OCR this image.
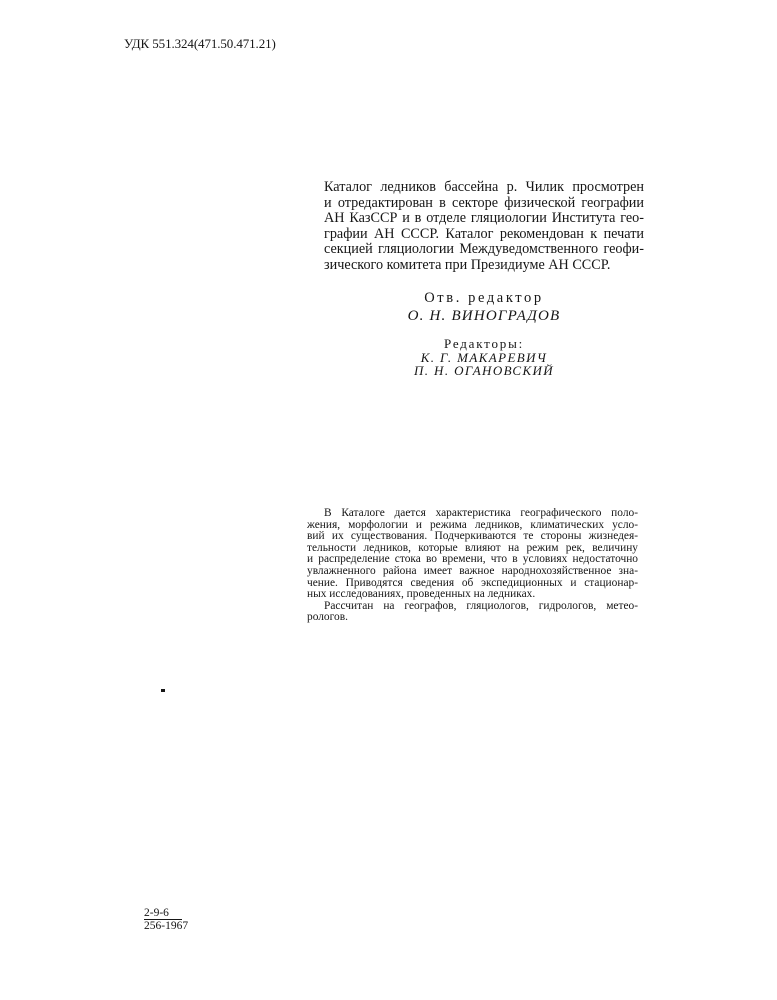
УДК 551.324(471.50.471.21)
Каталог ледников бассейна р. Чилик просмотрен
и отредактирован в секторе физической географии
АН КазССР и в отделе гляциологии Института гео-
графии АН СССР. Каталог рекомендован к печати
секцией гляциологии Междуведомственного геофи-
зического комитета при Президиуме АН СССР.
Отв. редактор
О. Н. ВИНОГРАДОВ
Редакторы:
К. Г. МАКАРЕВИЧ
П. Н. ОГАНОВСКИЙ
В Каталоге дается характеристика географического поло-
жения, морфологии и режима ледников, климатических усло-
вий их существования. Подчеркиваются те стороны жизнедея-
тельности ледников, которые влияют на режим рек, величину
и распределение стока во времени, что в условиях недостаточно
увлажненного района имеет важное народнохозяйственное зна-
чение. Приводятся сведения об экспедиционных и стационар-
ных исследованиях, проведенных на ледниках.
Рассчитан на географов, гляциологов, гидрологов, метео-
рологов.
2-9-6
256-1967
